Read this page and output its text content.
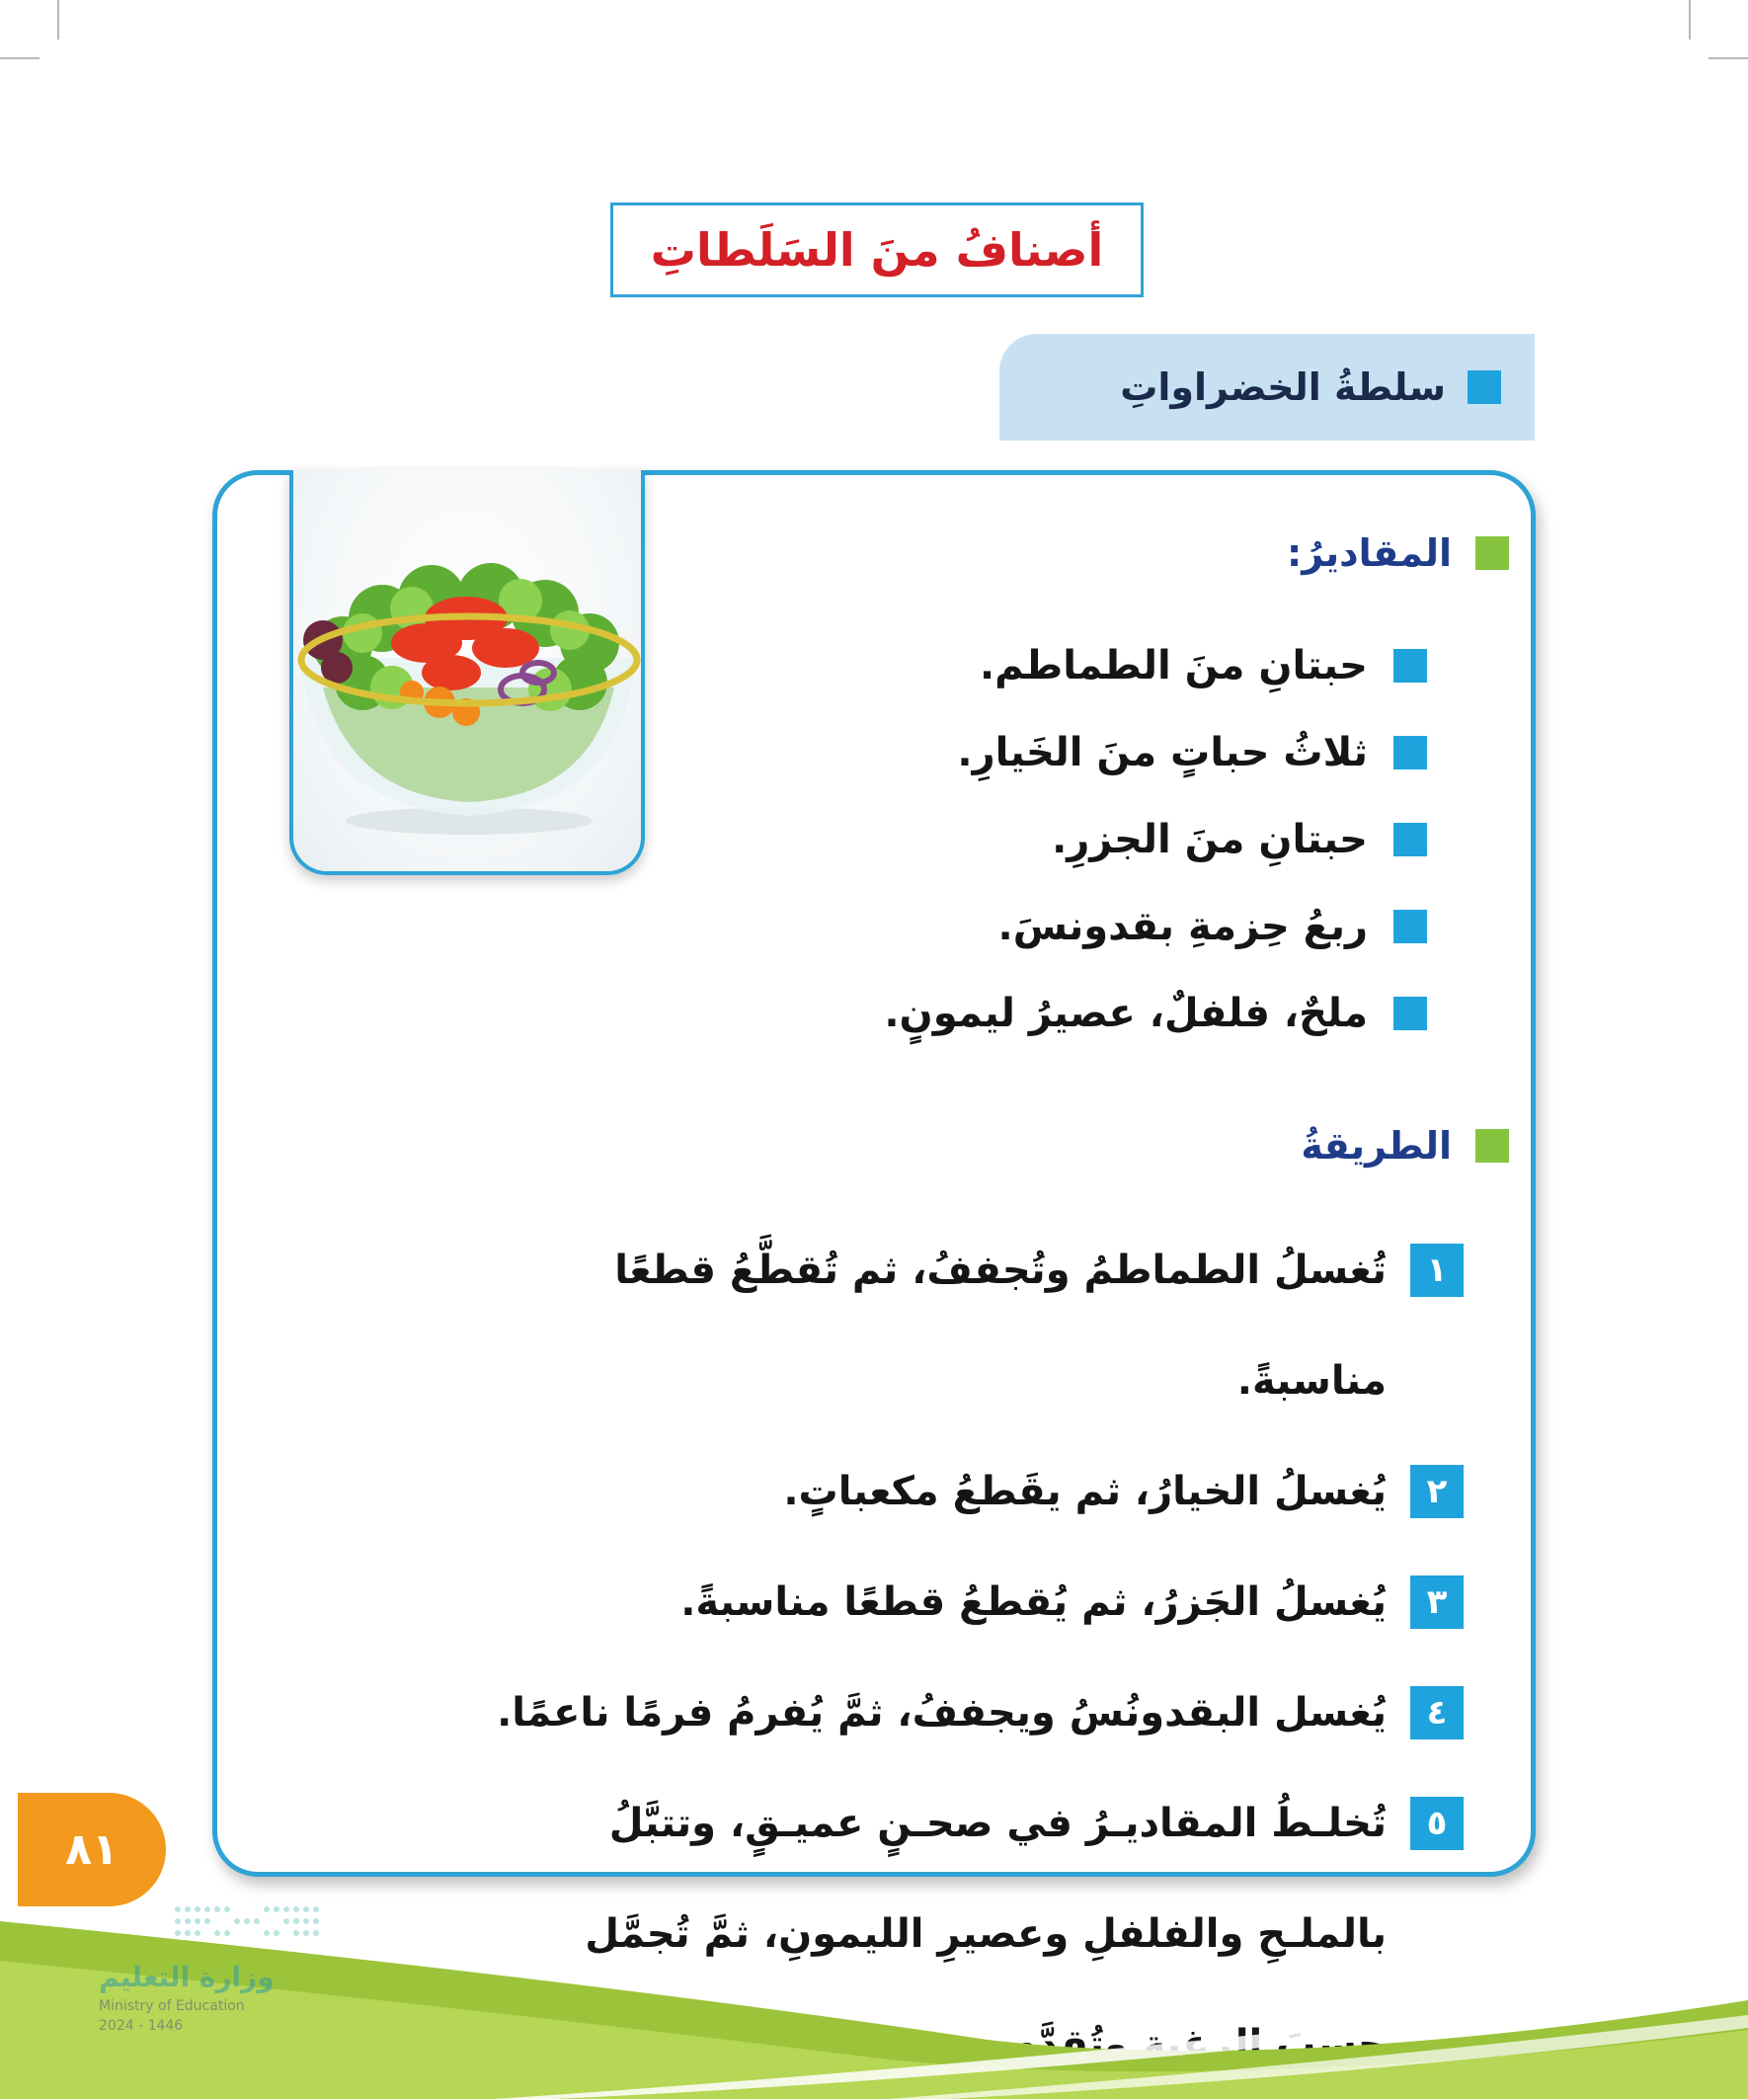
أصنافُ منَ السَلَطاتِ
سلطةُ الخضراواتِ
المقاديرُ:
حبتانِ منَ الطماطم.
ثلاثُ حباتٍ منَ الخَيارِ.
حبتانِ منَ الجزرِ.
ربعُ حِزمةِ بقدونسَ.
ملحٌ، فلفلٌ، عصيرُ ليمونٍ.
الطريقةُ
١
تُغسلُ الطماطمُ وتُجففُ، ثم تُقطَّعُ قطعًا مناسبةً.
٢
يُغسلُ الخيارُ، ثم يقَطعُ مكعباتٍ.
٣
يُغسلُ الجَزرُ، ثم يُقطعُ قطعًا مناسبةً.
٤
يُغسل البقدونُسُ ويجففُ، ثمَّ يُفرمُ فرمًا ناعمًا.
٥
تُخلـطُ المقاديـرُ في صحـنٍ عميـقٍ، وتتبَّلُ بالملـحِ والفلفلِ وعصيرِ الليمونِ، ثمَّ تُجمَّل حسبَ وتُقدَّم.
٨١
وزارة التعليم
Ministry of Education
2024 - 1446
